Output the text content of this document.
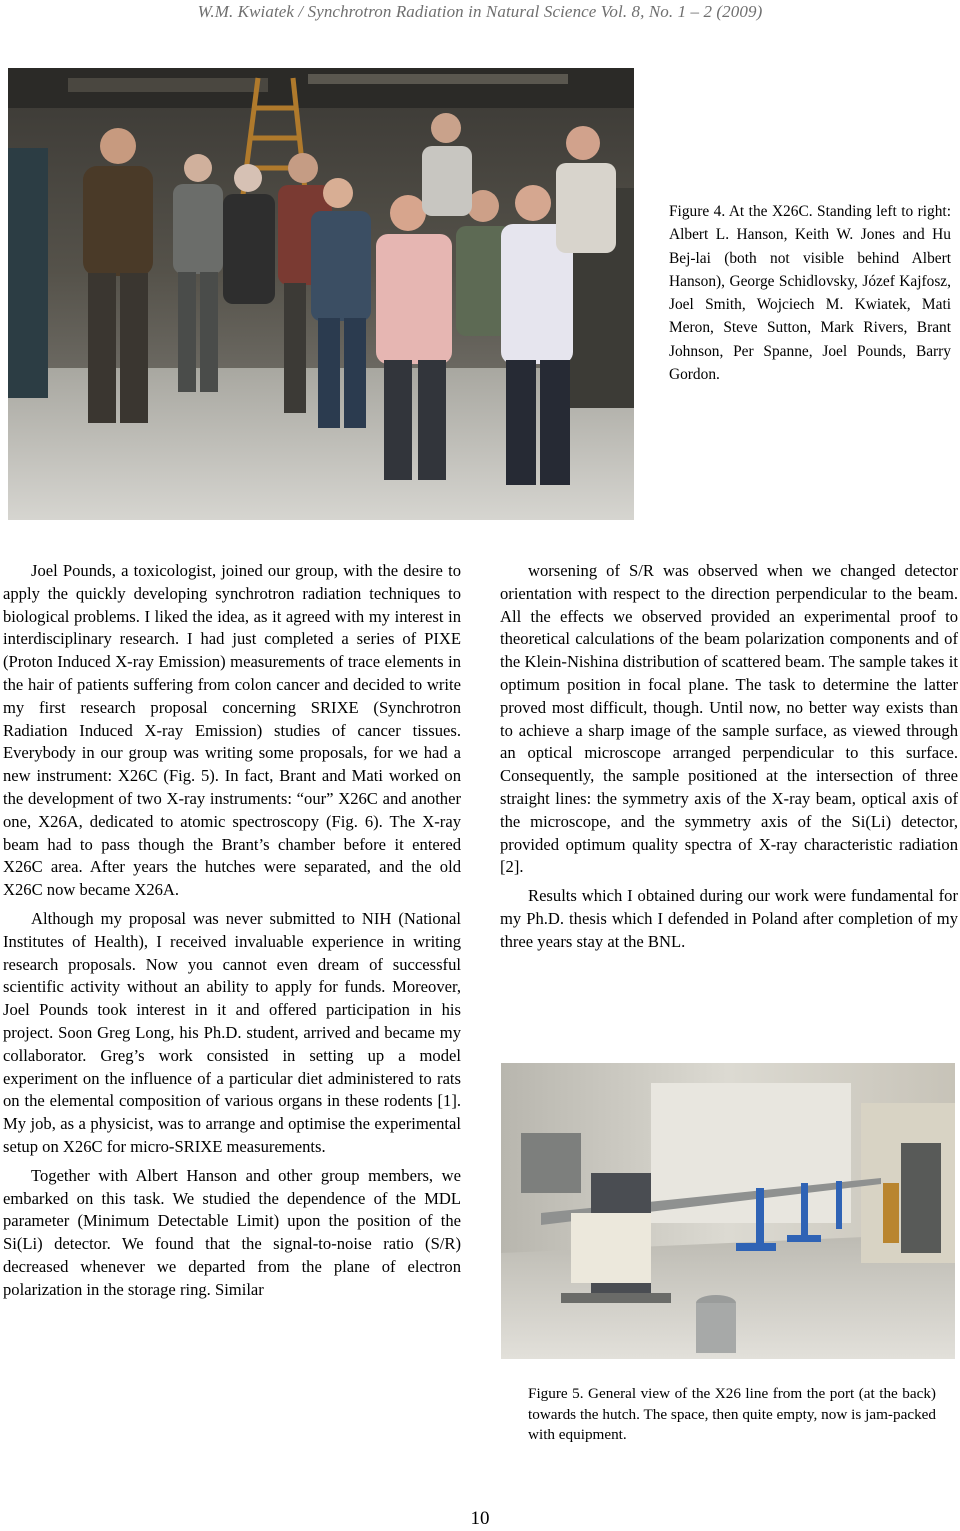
W.M. Kwiatek / Synchrotron Radiation in Natural Science Vol. 8, No. 1 – 2 (2009)
Figure 4. At the X26C. Standing left to right: Albert L. Hanson, Keith W. Jones and Hu Bej-lai (both not visible behind Albert Hanson), George Schidlovsky, Józef Kajfosz, Joel Smith, Wojciech M. Kwiatek, Mati Meron, Steve Sutton, Mark Rivers, Brant Johnson, Per Spanne, Joel Pounds, Barry Gordon.

Joel Pounds, a toxicologist, joined our group, with the desire to apply the quickly developing synchrotron radiation techniques to biological problems. I liked the idea, as it agreed with my interest in interdisciplinary research. I had just completed a series of PIXE (Proton Induced X-ray Emission) measurements of trace elements in the hair of patients suffering from colon cancer and decided to write my first research proposal concerning SRIXE (Synchrotron Radiation Induced X-ray Emission) studies of cancer tissues. Everybody in our group was writing some proposals, for we had a new instrument: X26C (Fig. 5). In fact, Brant and Mati worked on the development of two X-ray instruments: “our” X26C and another one, X26A, dedicated to atomic spectroscopy (Fig. 6). The X-ray beam had to pass though the Brant’s chamber before it entered X26C area. After years the hutches were separated, and the old X26C now became X26A.

Although my proposal was never submitted to NIH (National Institutes of Health), I received invaluable experience in writing research proposals. Now you cannot even dream of successful scientific activity without an ability to apply for funds. Moreover, Joel Pounds took interest in it and offered participation in his project. Soon Greg Long, his Ph.D. student, arrived and became my collaborator. Greg’s work consisted in setting up a model experiment on the influence of a particular diet administered to rats on the elemental composition of various organs in these rodents [1]. My job, as a physicist, was to arrange and optimise the experimental setup on X26C for micro-SRIXE measurements.

Together with Albert Hanson and other group members, we embarked on this task. We studied the dependence of the MDL parameter (Minimum Detectable Limit) upon the position of the Si(Li) detector. We found that the signal-to-noise ratio (S/R) decreased whenever we departed from the plane of electron polarization in the storage ring. Similar

worsening of S/R was observed when we changed detector orientation with respect to the direction perpendicular to the beam. All the effects we observed provided an experimental proof to theoretical calculations of the beam polarization components and of the Klein-Nishina distribution of scattered beam. The sample takes it optimum position in focal plane. The task to determine the latter proved most difficult, though. Until now, no better way exists than to achieve a sharp image of the sample surface, as viewed through an optical microscope arranged perpendicular to this surface. Consequently, the sample positioned at the intersection of three straight lines: the symmetry axis of the X-ray beam, optical axis of the microscope, and the symmetry axis of the Si(Li) detector, provided optimum quality spectra of X-ray characteristic radiation [2].

Results which I obtained during our work were fundamental for my Ph.D. thesis which I defended in Poland after completion of my three years stay at the BNL.

Figure 5. General view of the X26 line from the port (at the back) towards the hutch. The space, then quite empty, now is jam-packed with equipment.
10
